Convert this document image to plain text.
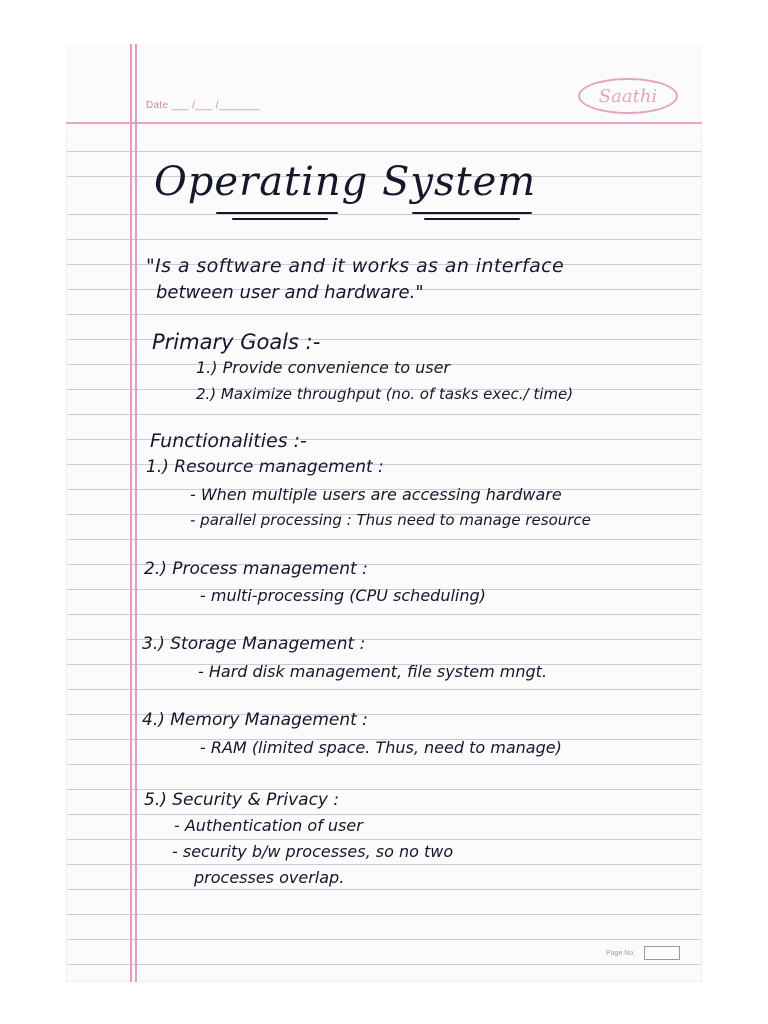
Date ___ /___ /_______	Saathi
Operating System
"Is a software and it works as an interface
between user and hardware."
Primary Goals :-
1.) Provide convenience to user
2.) Maximize throughput (no. of tasks exec./ time)
Functionalities :-
1.) Resource management :
- When multiple users are accessing hardware
- parallel processing : Thus need to manage resource
2.) Process management :
- multi-processing (CPU scheduling)
3.) Storage Management :
- Hard disk management, file system mngt.
4.) Memory Management :
- RAM (limited space. Thus, need to manage)
5.) Security & Privacy :
- Authentication of user
- security b/w processes, so no two
processes overlap.
Page No.
